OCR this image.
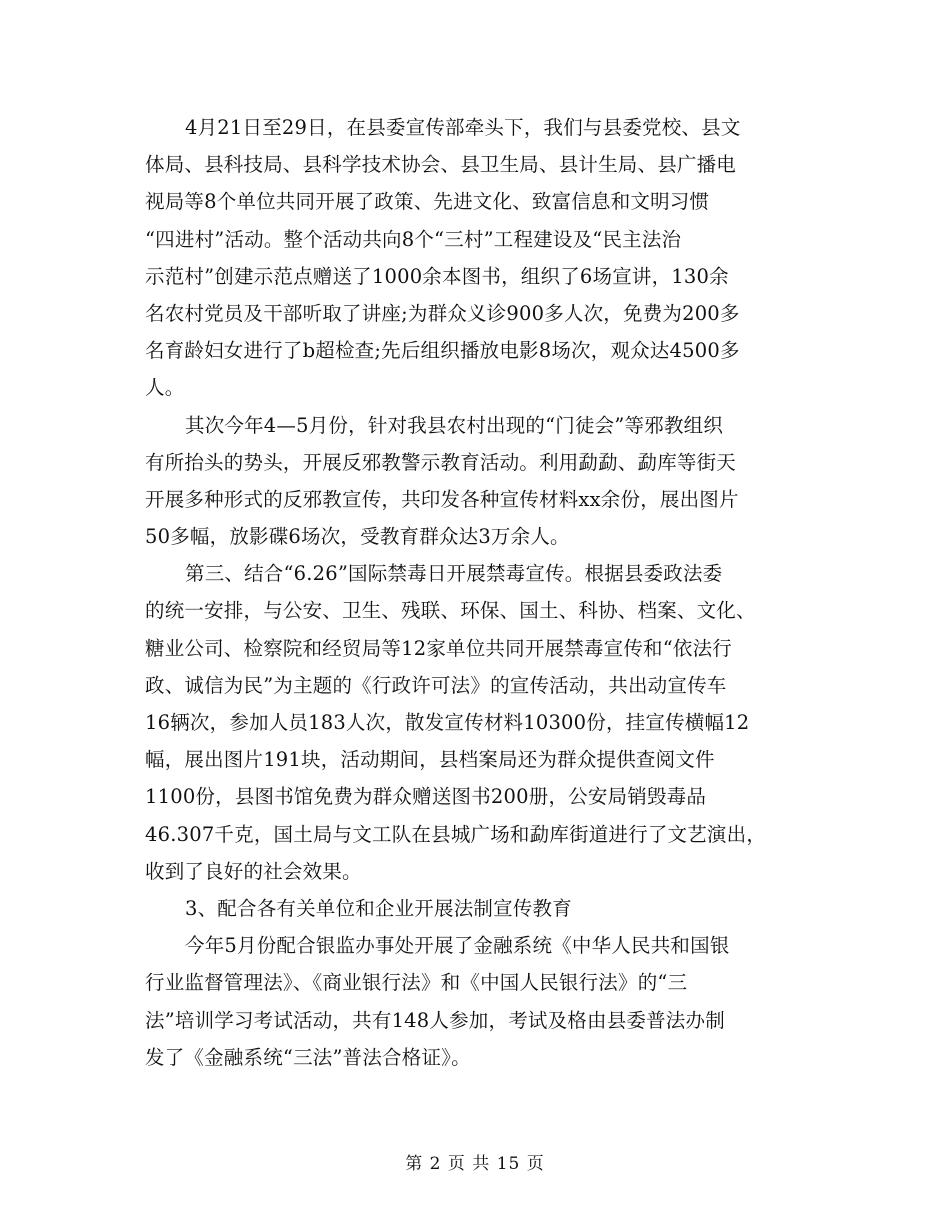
4月21日至29日，在县委宣传部牵头下，我们与县委党校、县文
体局、县科技局、县科学技术协会、县卫生局、县计生局、县广播电
视局等8个单位共同开展了政策、先进文化、致富信息和文明习惯
“四进村”活动。整个活动共向8个“三村”工程建设及“民主法治
示范村”创建示范点赠送了1000余本图书，组织了6场宣讲，130余
名农村党员及干部听取了讲座;为群众义诊900多人次，免费为200多
名育龄妇女进行了b超检查;先后组织播放电影8场次，观众达4500多
人。
其次今年4—5月份，针对我县农村出现的“门徒会”等邪教组织
有所抬头的势头，开展反邪教警示教育活动。利用勐勐、勐库等街天
开展多种形式的反邪教宣传，共印发各种宣传材料xx余份，展出图片
50多幅，放影碟6场次，受教育群众达3万余人。
第三、结合“6.26”国际禁毒日开展禁毒宣传。根据县委政法委
的统一安排，与公安、卫生、残联、环保、国土、科协、档案、文化、
糖业公司、检察院和经贸局等12家单位共同开展禁毒宣传和“依法行
政、诚信为民”为主题的《行政许可法》的宣传活动，共出动宣传车
16辆次，参加人员183人次，散发宣传材料10300份，挂宣传横幅12
幅，展出图片191块，活动期间，县档案局还为群众提供查阅文件
1100份，县图书馆免费为群众赠送图书200册，公安局销毁毒品
46.307千克，国土局与文工队在县城广场和勐库街道进行了文艺演出，
收到了良好的社会效果。
3、配合各有关单位和企业开展法制宣传教育
今年5月份配合银监办事处开展了金融系统《中华人民共和国银
行业监督管理法》、《商业银行法》和《中国人民银行法》的“三
法”培训学习考试活动，共有148人参加，考试及格由县委普法办制
发了《金融系统“三法”普法合格证》。
第 2 页 共 15 页
